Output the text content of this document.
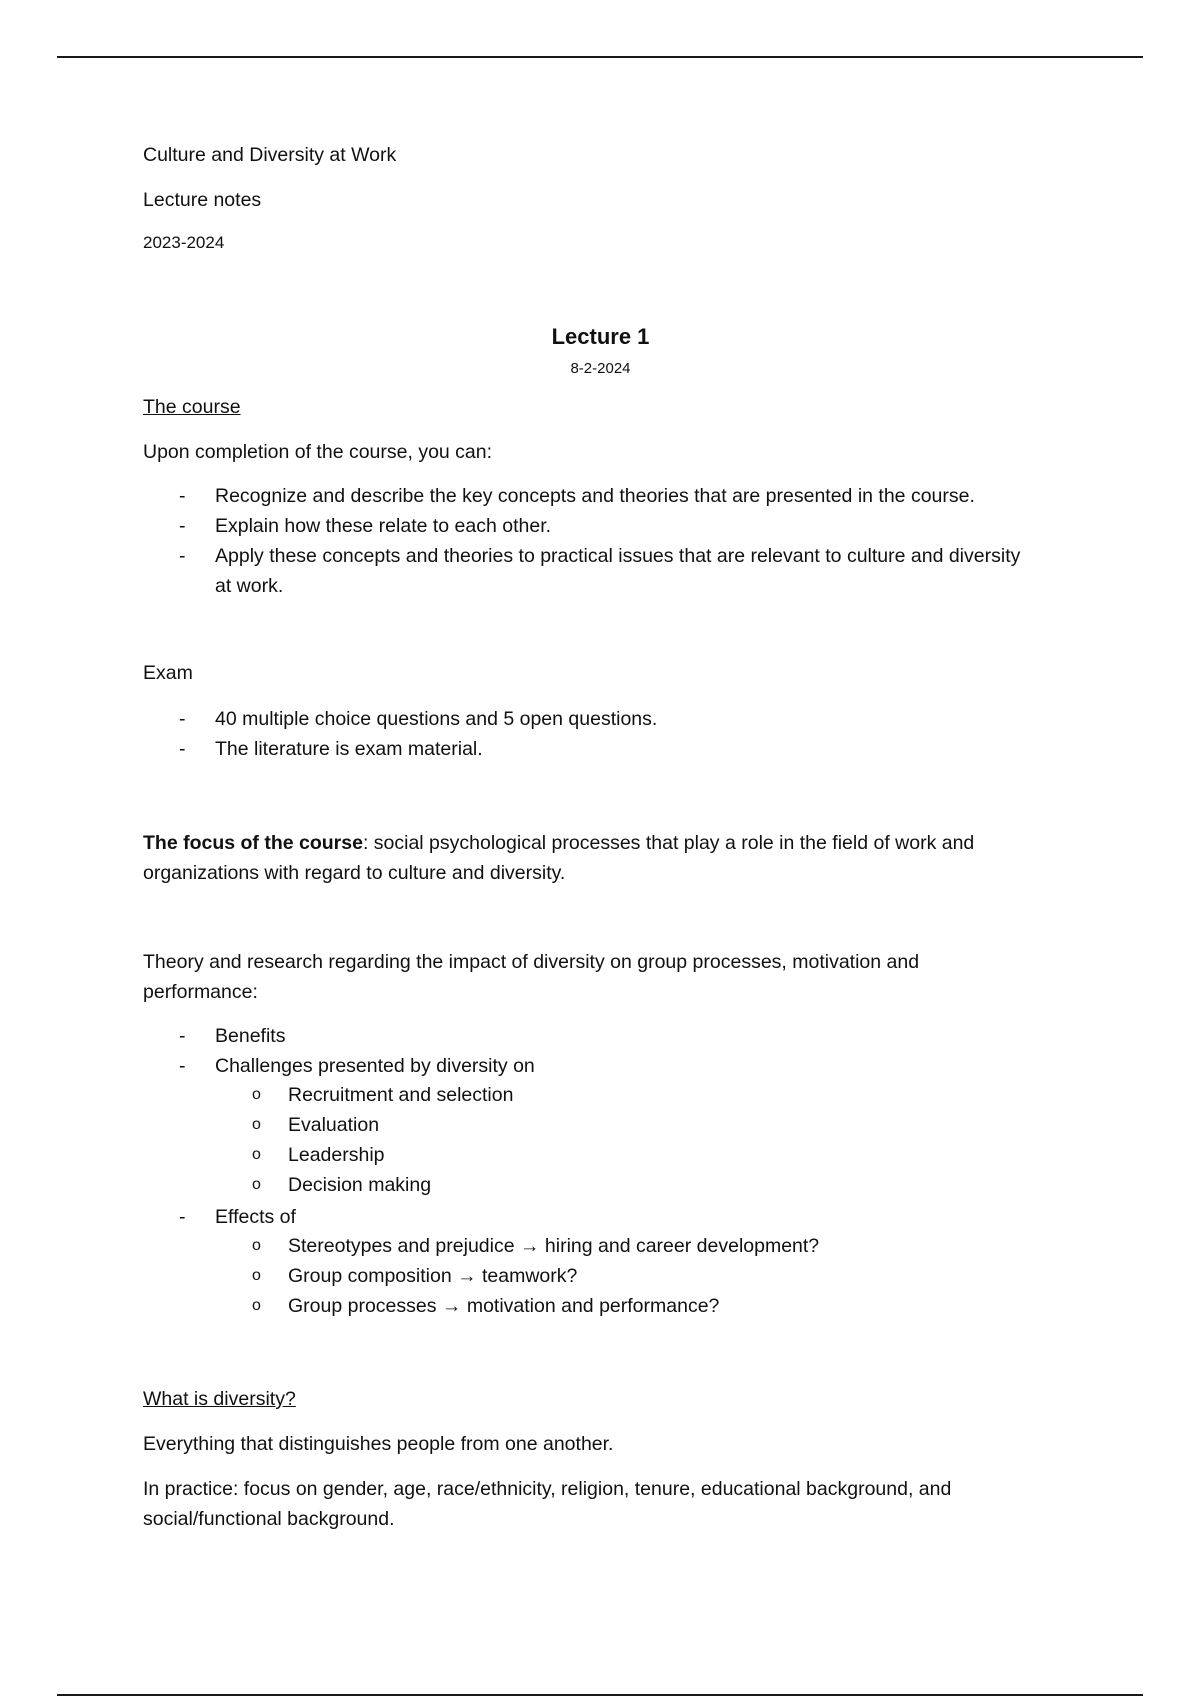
Culture and Diversity at Work

Lecture notes

2023-2024

Lecture 1
8-2-2024

The course

Upon completion of the course, you can:

- Recognize and describe the key concepts and theories that are presented in the course.
- Explain how these relate to each other.
- Apply these concepts and theories to practical issues that are relevant to culture and diversity at work.

Exam

- 40 multiple choice questions and 5 open questions.
- The literature is exam material.

The focus of the course: social psychological processes that play a role in the field of work and organizations with regard to culture and diversity.

Theory and research regarding the impact of diversity on group processes, motivation and performance:

- Benefits
- Challenges presented by diversity on
o Recruitment and selection
o Evaluation
o Leadership
o Decision making
- Effects of
o Stereotypes and prejudice → hiring and career development?
o Group composition → teamwork?
o Group processes → motivation and performance?

What is diversity?

Everything that distinguishes people from one another.

In practice: focus on gender, age, race/ethnicity, religion, tenure, educational background, and social/functional background.
